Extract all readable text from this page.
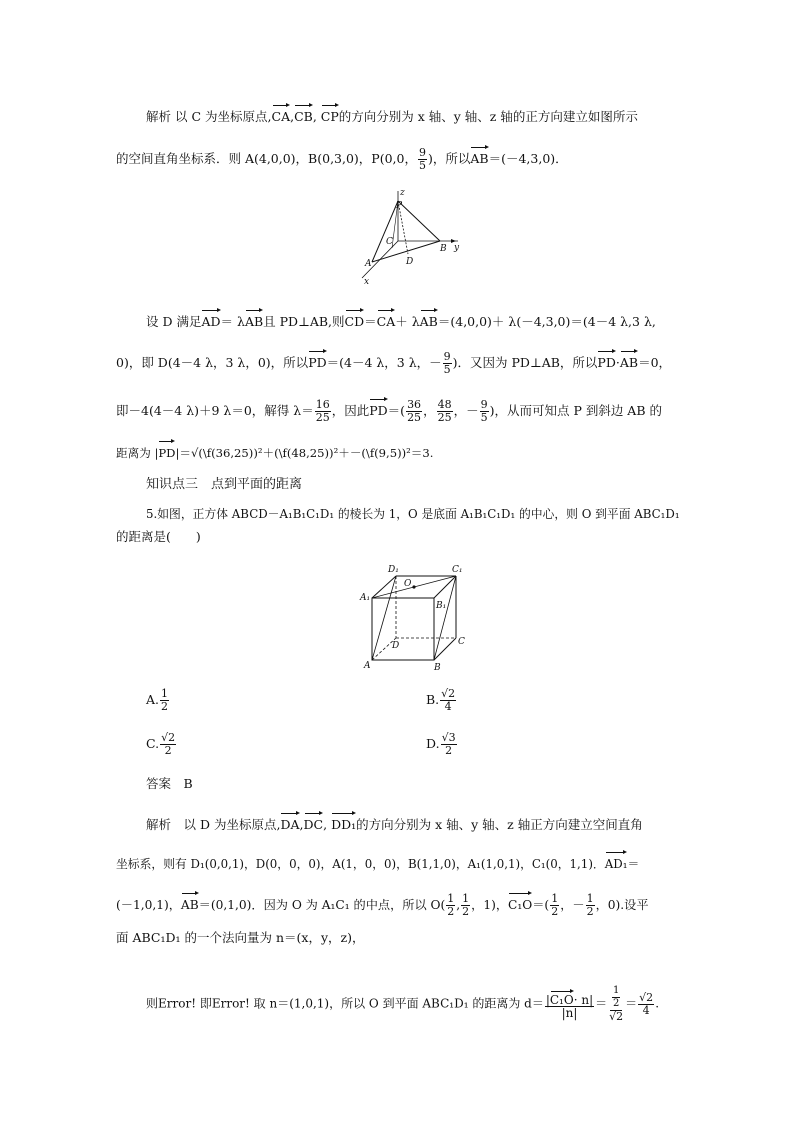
解析 以 C 为坐标原点,CA,CB, CP的方向分别为 x 轴、y 轴、z 轴的正方向建立如图所示
的空间直角坐标系．则 A(4,0,0)，B(0,3,0)，P(0,0， $\frac{9}{5}$ )，所以AB＝(－4,3,0)．
z
y
x
P
C
A	D
B
设 D 满足AD＝ λAB且 PD⊥AB,则CD＝CA＋ λAB＝(4,0,0)＋ λ(－4,3,0)＝(4－4 λ,3 λ,
0)，即 D(4－4 λ，3 λ，0)，所以PD＝(4－4 λ，3 λ，－ $\frac{9}{5}$ )．又因为 PD⊥AB，所以PD·AB＝0，
即－4(4－4 λ)＋9 λ＝0，解得 $\lambda= \frac{16}{25}$ ，因此$PD=( \frac{36}{25}$ ， $\frac{48}{25}$ ，－ $\frac{9}{5}$ )，从而可知点 P 到斜边 AB 的
距离为 |PD|＝√(\f(36,25))²＋(\f(48,25))²＋－(\f(9,5))²＝3.
知识点三　点到平面的距离
5.如图，正方体 ABCD－A₁B₁C₁D₁ 的棱长为 1，O 是底面 A₁B₁C₁D₁ 的中心，则 O 到平面 ABC₁D₁
的距离是(　　)
D₁	C₁
O
A₁
B₁
D	C
A	B
A. $\frac{1}{2}$	B. $\frac{√2}{4}$
C. $\frac{√2}{2}$	D. $\frac{√3}{2}$
答案　 B
解析　 以 D 为坐标原点,DA,DC, DD₁的方向分别为 x 轴、y 轴、z 轴正方向建立空间直角
坐标系，则有 D₁(0,0,1)，D(0，0，0)，A(1，0，0)，B(1,1,0)，A₁(1,0,1)，C₁(0，1,1)．AD₁＝
(－1,0,1)，AB＝(0,1,0)．因为 O 为 A₁C₁ 的中点，所以 $O( \frac{1}{2}$ , $\frac{1}{2}$ ，1)，$C_1O=( \frac{1}{2}$ ，－ $\frac{1}{2}$ ，0).设平
面 ABC₁D₁ 的一个法向量为 n＝(x，y，z)，
则Error! 即Error! 取 n＝(1,0,1)，所以 O 到平面 ABC₁D₁ 的距离为 $d= \frac{\text{|C₁O· n|}}{|n|} = \frac{\frac{1}{2}}{√2} = \frac{√2}{4}$ .
